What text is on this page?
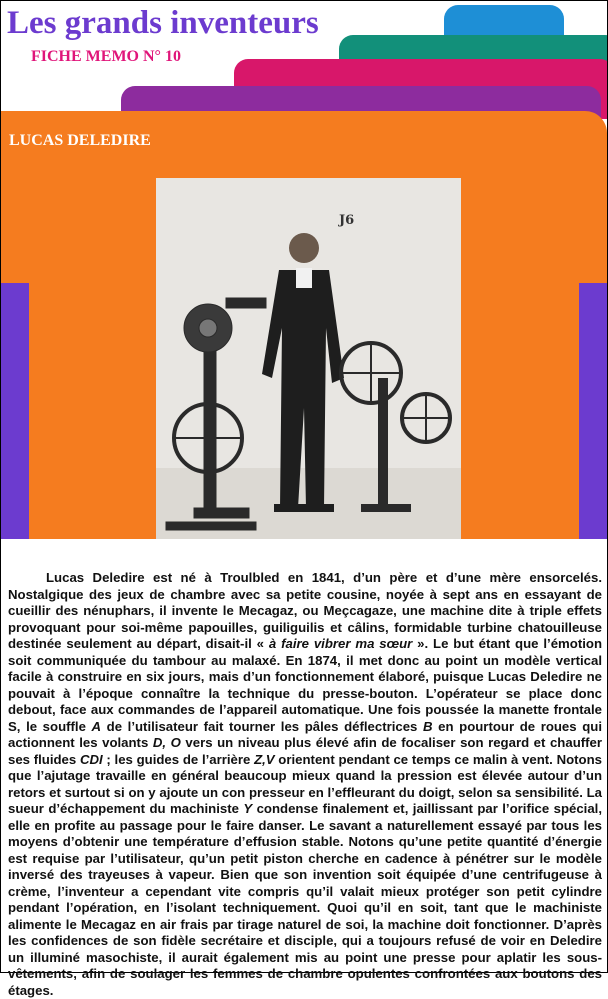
Les grands inventeurs
FICHE MEMO N° 10
LUCAS DELEDIRE
J6

Lucas Deledire est né à Troulbled en 1841, d’un père et d’une mère ensorcelés. Nostalgique des jeux de chambre avec sa petite cousine, noyée à sept ans en essayant de cueillir des nénuphars, il invente le Mecagaz, ou Meçcagaze, une machine dite à triple effets provoquant pour soi-même papouilles, guiliguilis et câlins, formidable turbine chatouilleuse destinée seulement au départ, disait-il « à faire vibrer ma sœur ». Le but étant que l’émotion soit communiquée du tambour au malaxé. En 1874, il met donc au point un modèle vertical facile à construire en six jours, mais d’un fonctionnement élaboré, puisque Lucas Deledire ne pouvait à l’époque connaître la technique du presse-bouton. L’opérateur se place donc debout, face aux commandes de l’appareil automatique. Une fois poussée la manette frontale S, le souffle A de l’utilisateur fait tourner les pâles déflectrices B en pourtour de roues qui actionnent les volants D, O vers un niveau plus élevé afin de focaliser son regard et chauffer ses fluides CDI ; les guides de l’arrière Z,V orientent pendant ce temps ce malin à vent. Notons que l’ajutage travaille en général beaucoup mieux quand la pression est élevée autour d’un retors et surtout si on y ajoute un con presseur en l’effleurant du doigt, selon sa sensibilité. La sueur d’échappement du machiniste Y condense finalement et, jaillissant par l’orifice spécial, elle en profite au passage pour le faire danser. Le savant a naturellement essayé par tous les moyens d’obtenir une température d’effusion stable. Notons qu’une petite quantité d’énergie est requise par l’utilisateur, qu’un petit piston cherche en cadence à pénétrer sur le modèle inversé des trayeuses à vapeur. Bien que son invention soit équipée d’une centrifugeuse à crème, l’inventeur a cependant vite compris qu’il valait mieux protéger son petit cylindre pendant l’opération, en l’isolant techniquement. Quoi qu’il en soit, tant que le machiniste alimente le Mecagaz en air frais par tirage naturel de soi, la machine doit fonctionner. D’après les confidences de son fidèle secrétaire et disciple, qui a toujours refusé de voir en Deledire un illuminé masochiste, il aurait également mis au point une presse pour aplatir les sous-vêtements, afin de soulager les femmes de chambre opulentes confrontées aux boutons des étages.
